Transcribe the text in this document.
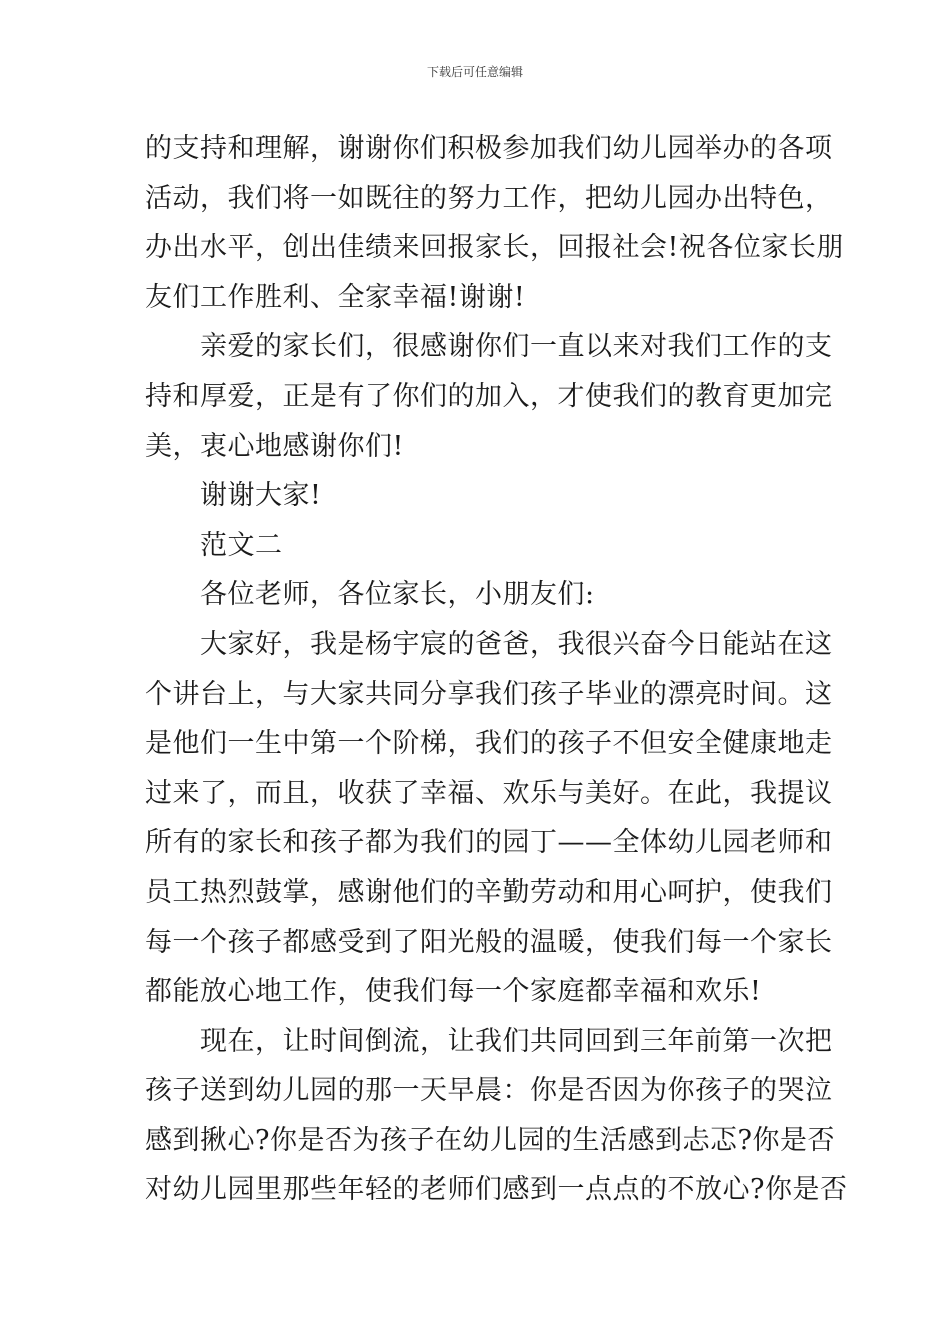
下载后可任意编辑

的支持和理解，谢谢你们积极参加我们幼儿园举办的各项
活动，我们将一如既往的努力工作，把幼儿园办出特色，
办出水平，创出佳绩来回报家长，回报社会!祝各位家长朋
友们工作胜利、全家幸福!谢谢!

亲爱的家长们，很感谢你们一直以来对我们工作的支
持和厚爱，正是有了你们的加入，才使我们的教育更加完
美，衷心地感谢你们!

谢谢大家!

范文二

各位老师，各位家长，小朋友们:

大家好，我是杨宇宸的爸爸，我很兴奋今日能站在这
个讲台上，与大家共同分享我们孩子毕业的漂亮时间。这
是他们一生中第一个阶梯，我们的孩子不但安全健康地走
过来了，而且，收获了幸福、欢乐与美好。在此，我提议
所有的家长和孩子都为我们的园丁——全体幼儿园老师和
员工热烈鼓掌，感谢他们的辛勤劳动和用心呵护，使我们
每一个孩子都感受到了阳光般的温暖，使我们每一个家长
都能放心地工作，使我们每一个家庭都幸福和欢乐!

现在，让时间倒流，让我们共同回到三年前第一次把
孩子送到幼儿园的那一天早晨：你是否因为你孩子的哭泣
感到揪心?你是否为孩子在幼儿园的生活感到忐忑?你是否
对幼儿园里那些年轻的老师们感到一点点的不放心?你是否
